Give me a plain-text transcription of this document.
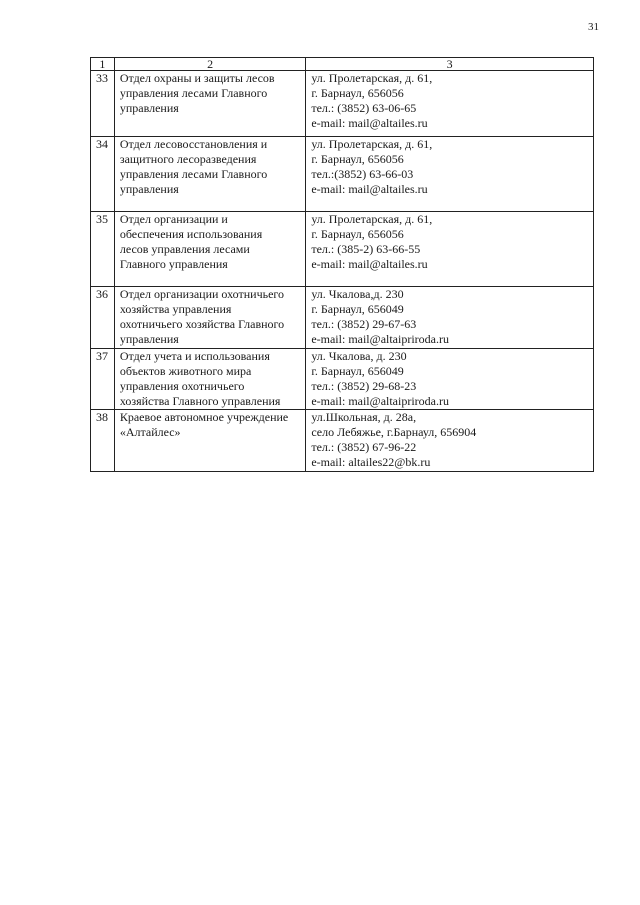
31
1	2	3
33	Отдел охраны и защиты лесов
управления лесами Главного
управления	ул. Пролетарская, д. 61,
г. Барнаул, 656056
тел.: (3852) 63-06-65
e-mail: mail@altailes.ru

34	Отдел лесовосстановления и
защитного лесоразведения
управления лесами Главного
управления	ул. Пролетарская, д. 61,
г. Барнаул, 656056
тел.:(3852) 63-66-03
e-mail: mail@altailes.ru

35	Отдел организации и
обеспечения использования
лесов управления лесами
Главного управления	ул. Пролетарская, д. 61,
г. Барнаул, 656056
тел.: (385-2) 63-66-55
e-mail: mail@altailes.ru

36	Отдел организации охотничьего
хозяйства управления
охотничьего хозяйства Главного
управления	ул. Чкалова,д. 230
г. Барнаул, 656049
тел.: (3852) 29-67-63
e-mail: mail@altaipriroda.ru

37	Отдел учета и использования
объектов животного мира
управления охотничьего
хозяйства Главного управления	ул. Чкалова, д. 230
г. Барнаул, 656049
тел.: (3852) 29-68-23
e-mail: mail@altaipriroda.ru

38	Краевое автономное учреждение
«Алтайлес»	ул.Школьная, д. 28а,
село Лебяжье, г.Барнаул, 656904
тел.: (3852) 67-96-22
e-mail: altailes22@bk.ru
